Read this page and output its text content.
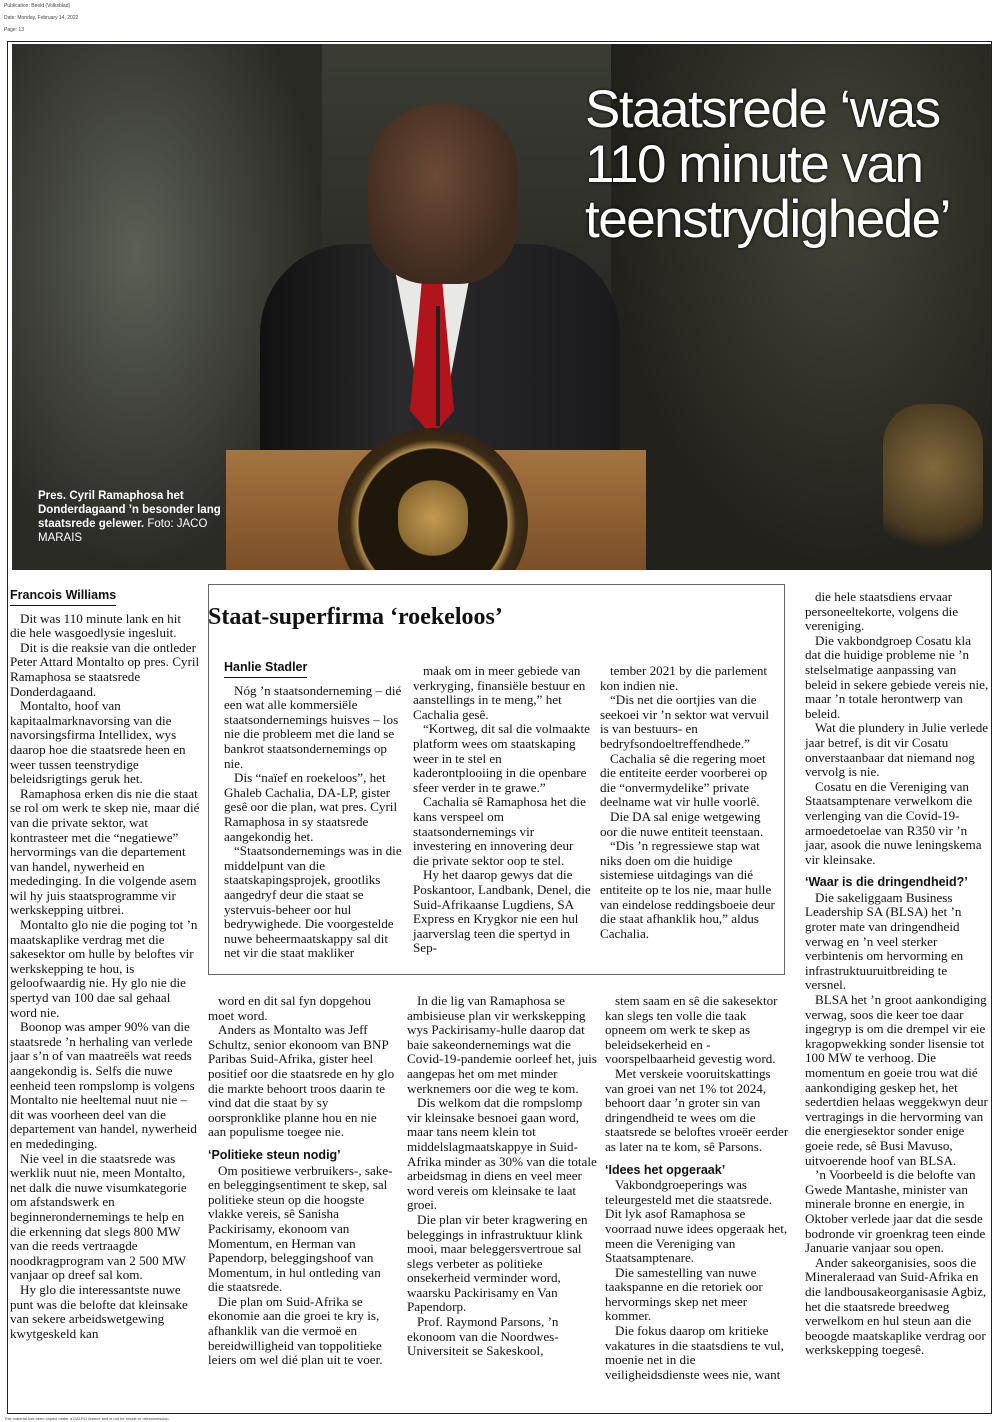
Publication: Beeld (Volksblad)
Date: Monday, February 14, 2022
Page: 13
Staatsrede ‘was 110 minute van teenstrydighede’
Pres. Cyril Ramaphosa het Donderdagaand ’n besonder lang staatsrede gelewer. Foto: JACO MARAIS
Francois Williams

Dit was 110 minute lank en hit die hele wasgoedlysie ingesluit.

Dit is die reaksie van die ontleder Peter Attard Montalto op pres. Cyril Ramaphosa se staatsrede Donderdagaand.

Montalto, hoof van kapitaalmarknavorsing van die navorsingsfirma Intellidex, wys daarop hoe die staatsrede heen en weer tussen teenstrydige beleidsrigtings geruk het.

Ramaphosa erken dis nie die staat se rol om werk te skep nie, maar dié van die private sektor, wat kontrasteer met die “negatiewe” hervormings van die departement van handel, nywerheid en mededinging. In die volgende asem wil hy juis staatsprogramme vir werkskepping uitbrei.

Montalto glo nie die poging tot ’n maatskaplike verdrag met die sakesektor om hulle by beloftes vir werkskepping te hou, is geloofwaardig nie. Hy glo nie die spertyd van 100 dae sal gehaal word nie.

Boonop was amper 90% van die staatsrede ’n herhaling van verlede jaar s’n of van maatreëls wat reeds aangekondig is. Selfs die nuwe eenheid teen rompslomp is volgens Montalto nie heeltemal nuut nie – dit was voorheen deel van die departement van handel, nywerheid en mededinging.

Nie veel in die staatsrede was werklik nuut nie, meen Montalto, net dalk die nuwe visumkategorie om afstandswerk en beginnerondernemings te help en die erkenning dat slegs 800 MW van die reeds vertraagde noodkragprogram van 2 500 MW vanjaar op dreef sal kom.

Hy glo die interessantste nuwe punt was die belofte dat kleinsake van sekere arbeidswetgewing kwytgeskeld kan

Staat-superfirma ‘roekeloos’
Hanlie Stadler

Nóg ’n staatsonderneming – dié een wat alle kommersiële staatsondernemings huisves – los nie die probleem met die land se bankrot staatsondernemings op nie.

Dis “naïef en roekeloos”, het Ghaleb Cachalia, DA-LP, gister gesê oor die plan, wat pres. Cyril Ramaphosa in sy staatsrede aangekondig het.

“Staatsondernemings was in die middelpunt van die staatskapingsprojek, grootliks aangedryf deur die staat se ystervuis-beheer oor hul bedrywighede. Die voorgestelde nuwe beheermaatskappy sal dit net vir die staat makliker

maak om in meer gebiede van verkryging, finansiële bestuur en aanstellings in te meng,” het Cachalia gesê.

“Kortweg, dit sal die volmaakte platform wees om staatskaping weer in te stel en kaderontplooiing in die openbare sfeer verder in te grawe.”

Cachalia sê Ramaphosa het die kans verspeel om staatsondernemings vir investering en innovering deur die private sektor oop te stel.

Hy het daarop gewys dat die Poskantoor, Landbank, Denel, die Suid-Afrikaanse Lugdiens, SA Express en Krygkor nie een hul jaarverslag teen die spertyd in Sep-

tember 2021 by die parlement kon indien nie.

“Dis net die oortjies van die seekoei vir ’n sektor wat vervuil is van bestuurs- en bedryfsondoeltreffendhede.”

Cachalia sê die regering moet die entiteite eerder voorberei op die “onvermydelike” private deelname wat vir hulle voorlê.

Die DA sal enige wetgewing oor die nuwe entiteit teenstaan.

“Dis ’n regressiewe stap wat niks doen om die huidige sistemiese uitdagings van dié entiteite op te los nie, maar hulle van eindelose reddingsboeie deur die staat afhanklik hou,” aldus Cachalia.

word en dit sal fyn dopgehou moet word.

Anders as Montalto was Jeff Schultz, senior ekonoom van BNP Paribas Suid-Afrika, gister heel positief oor die staatsrede en hy glo die markte behoort troos daarin te vind dat die staat by sy oorspronklike planne hou en nie aan populisme toegee nie.

‘Politieke steun nodig’

Om positiewe verbruikers-, sake- en beleggingsentiment te skep, sal politieke steun op die hoogste vlakke vereis, sê Sanisha Packirisamy, ekonoom van Momentum, en Herman van Papendorp, beleggingshoof van Momentum, in hul ontleding van die staatsrede.

Die plan om Suid-Afrika se ekonomie aan die groei te kry is, afhanklik van die vermoë en bereidwilligheid van toppolitieke leiers om wel dié plan uit te voer.

In die lig van Ramaphosa se ambisieuse plan vir werkskepping wys Packirisamy-hulle daarop dat baie sakeondernemings wat die Covid-19-pandemie oorleef het, juis aangepas het om met minder werknemers oor die weg te kom.

Dis welkom dat die rompslomp vir kleinsake besnoei gaan word, maar tans neem klein tot middelslagmaatskappye in Suid-Afrika minder as 30% van die totale arbeidsmag in diens en veel meer word vereis om kleinsake te laat groei.

Die plan vir beter kragwering en beleggings in infrastruktuur klink mooi, maar beleggersvertroue sal slegs verbeter as politieke onsekerheid verminder word, waarsku Packirisamy en Van Papendorp.

Prof. Raymond Parsons, ’n ekonoom van die Noordwes-Universiteit se Sakeskool,

stem saam en sê die sakesektor kan slegs ten volle die taak opneem om werk te skep as beleidsekerheid en -voorspelbaarheid gevestig word.

Met verskeie vooruitskattings van groei van net 1% tot 2024, behoort daar ’n groter sin van dringendheid te wees om die staatsrede se beloftes vroeër eerder as later na te kom, sê Parsons.

‘Idees het opgeraak’

Vakbondgroeperings was teleurgesteld met die staatsrede. Dit lyk asof Ramaphosa se voorraad nuwe idees opgeraak het, meen die Vereniging van Staatsamptenare.

Die samestelling van nuwe taakspanne en die retoriek oor hervormings skep net meer kommer.

Die fokus daarop om kritieke vakatures in die staatsdiens te vul, moenie net in die veiligheidsdienste wees nie, want

die hele staatsdiens ervaar personeeltekorte, volgens die vereniging.

Die vakbondgroep Cosatu kla dat die huidige probleme nie ’n stelselmatige aanpassing van beleid in sekere gebiede vereis nie, maar ’n totale herontwerp van beleid.

Wat die plundery in Julie verlede jaar betref, is dit vir Cosatu onverstaanbaar dat niemand nog vervolg is nie.

Cosatu en die Vereniging van Staatsamptenare verwelkom die verlenging van die Covid-19-armoedetoelae van R350 vir ’n jaar, asook die nuwe leningskema vir kleinsake.

‘Waar is die dringendheid?’

Die sakeliggaam Business Leadership SA (BLSA) het ’n groter mate van dringendheid verwag en ’n veel sterker verbintenis om hervorming en infrastruktuuruitbreiding te versnel.

BLSA het ’n groot aankondiging verwag, soos die keer toe daar ingegryp is om die drempel vir eie kragopwekking sonder lisensie tot 100 MW te verhoog. Die momentum en goeie trou wat dié aankondiging geskep het, het sedertdien helaas weggekwyn deur vertragings in die hervorming van die energiesektor sonder enige goeie rede, sê Busi Mavuso, uitvoerende hoof van BLSA.

’n Voorbeeld is die belofte van Gwede Mantashe, minister van minerale bronne en energie, in Oktober verlede jaar dat die sesde bodronde vir groenkrag teen einde Januarie vanjaar sou open.

Ander sakeorganisies, soos die Mineraleraad van Suid-Afrika en die landbousakeorganisasie Agbiz, het die staatsrede breedweg verwelkom en hul steun aan die beoogde maatskaplike verdrag oor werkskepping toegesê.

This material has been copied under a DALRO licence and is not for resale or retransmission.
